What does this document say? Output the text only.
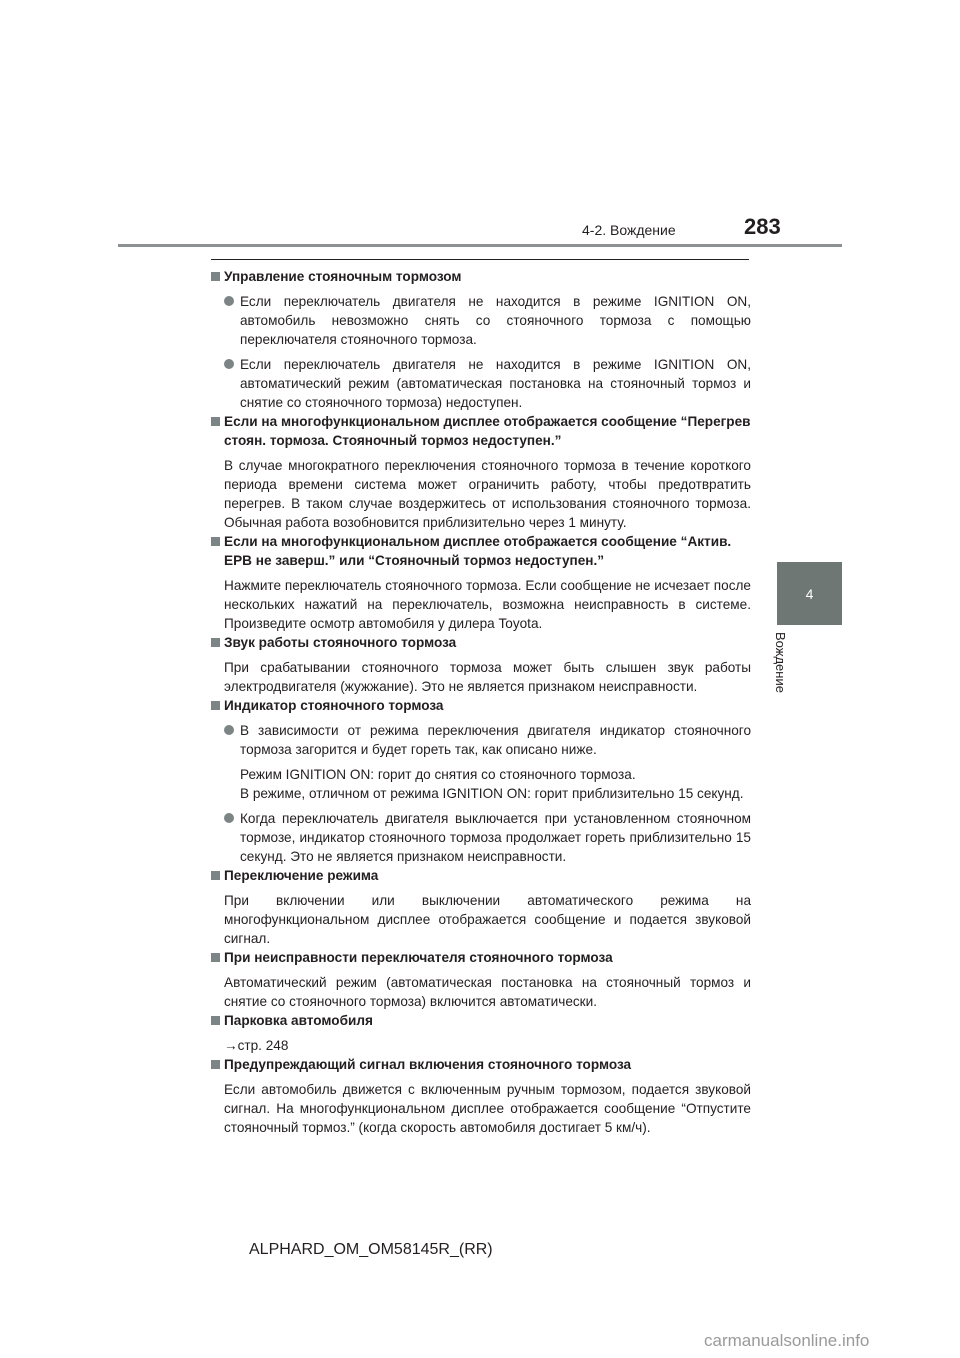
4-2. Вождение	283
4
Вождение
Управление стояночным тормозом
Если переключатель двигателя не находится в режиме IGNITION ON, автомобиль невозможно снять со стояночного тормоза с помощью переключателя стояночного тормоза.
Если переключатель двигателя не находится в режиме IGNITION ON, автоматический режим (автоматическая постановка на стояночный тормоз и снятие со стояночного тормоза) недоступен.
Если на многофункциональном дисплее отображается сообщение “Перегрев стоян. тормоза. Стояночный тормоз недоступен.”
В случае многократного переключения стояночного тормоза в течение короткого периода времени система может ограничить работу, чтобы предотвратить перегрев. В таком случае воздержитесь от использования стояночного тормоза. Обычная работа возобновится приблизительно через 1 минуту.
Если на многофункциональном дисплее отображается сообщение “Актив. EPB не заверш.” или “Стояночный тормоз недоступен.”
Нажмите переключатель стояночного тормоза. Если сообщение не исчезает после нескольких нажатий на переключатель, возможна неисправность в системе. Произведите осмотр автомобиля у дилера Toyota.
Звук работы стояночного тормоза
При срабатывании стояночного тормоза может быть слышен звук работы электродвигателя (жужжание). Это не является признаком неисправности.
Индикатор стояночного тормоза
В зависимости от режима переключения двигателя индикатор стояночного тормоза загорится и будет гореть так, как описано ниже.
Режим IGNITION ON: горит до снятия со стояночного тормоза.
В режиме, отличном от режима IGNITION ON: горит приблизительно 15 секунд.
Когда переключатель двигателя выключается при установленном стояночном тормозе, индикатор стояночного тормоза продолжает гореть приблизительно 15 секунд. Это не является признаком неисправности.
Переключение режима
При включении или выключении автоматического режима на многофункциональном дисплее отображается сообщение и подается звуковой сигнал.
При неисправности переключателя стояночного тормоза
Автоматический режим (автоматическая постановка на стояночный тормоз и снятие со стояночного тормоза) включится автоматически.
Парковка автомобиля
→стр. 248
Предупреждающий сигнал включения стояночного тормоза
Если автомобиль движется с включенным ручным тормозом, подается звуковой сигнал. На многофункциональном дисплее отображается сообщение “Отпустите стояночный тормоз.” (когда скорость автомобиля достигает 5 км/ч).
ALPHARD_OM_OM58145R_(RR)
carmanualsonline.info
